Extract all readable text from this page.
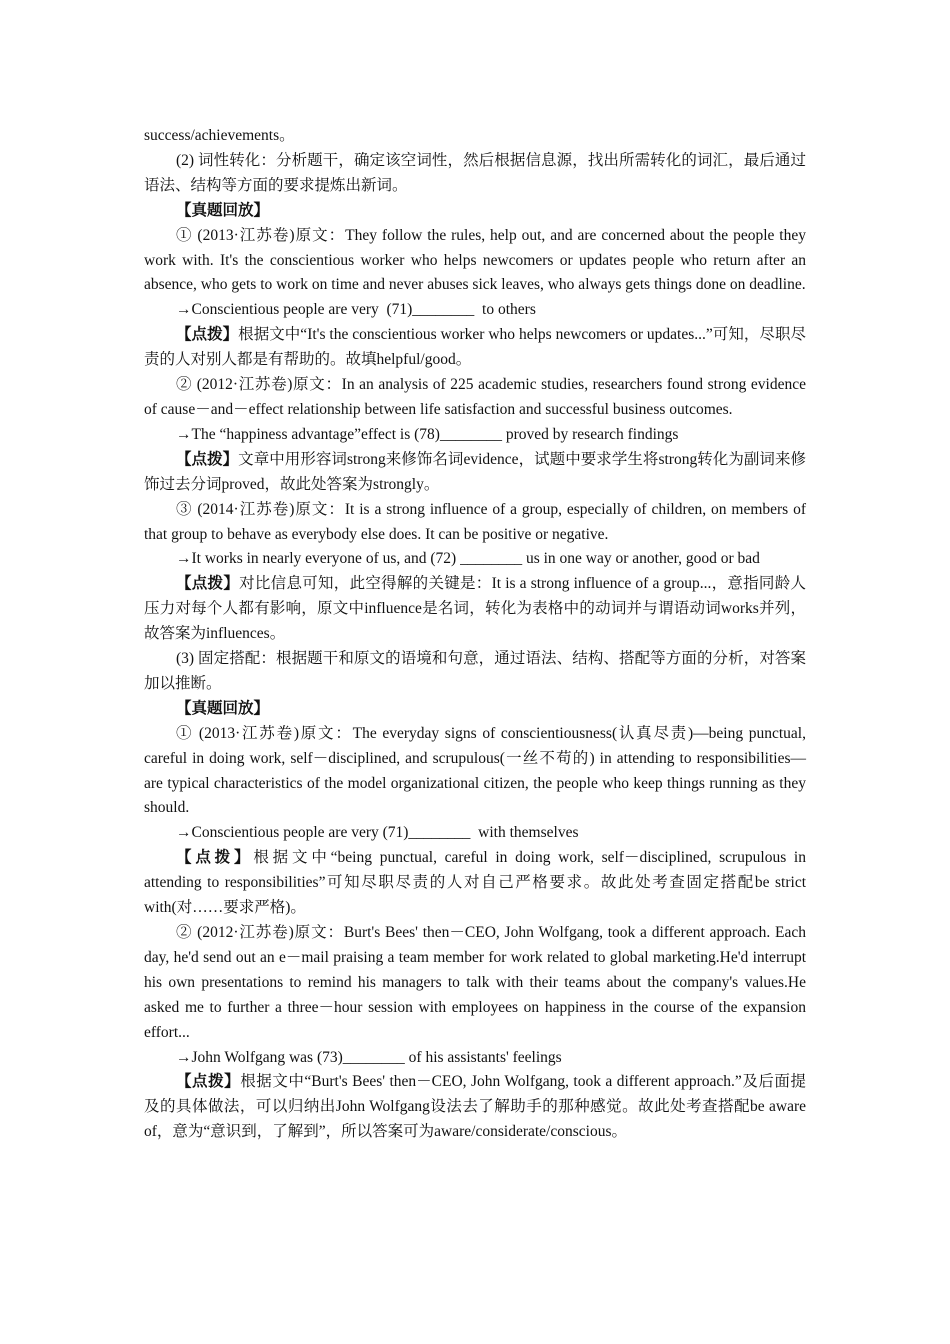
success/achievements。

(2) 词性转化：分析题干，确定该空词性，然后根据信息源，找出所需转化的词汇，最后通过语法、结构等方面的要求提炼出新词。

【真题回放】

① (2013·江苏卷)原文：They follow the rules, help out, and are concerned about the people they work with. It's the conscientious worker who helps newcomers or updates people who return after an absence, who gets to work on time and never abuses sick leaves, who always gets things done on deadline.

→Conscientious people are very  (71)________  to others

【点拨】根据文中“It's the conscientious worker who helps newcomers or updates...”可知，尽职尽责的人对别人都是有帮助的。故填helpful/good。

② (2012·江苏卷)原文：In an analysis of 225 academic studies, researchers found strong evidence of cause－and－effect relationship between life satisfaction and successful business outcomes.

→The “happiness advantage”effect is (78)________ proved by research findings

【点拨】文章中用形容词strong来修饰名词evidence，试题中要求学生将strong转化为副词来修饰过去分词proved，故此处答案为strongly。

③ (2014·江苏卷)原文：It is a strong influence of a group, especially of children, on members of that group to behave as everybody else does. It can be positive or negative.

→It works in nearly everyone of us, and (72) ________ us in one way or another, good or bad

【点拨】对比信息可知，此空得解的关键是：It is a strong influence of a group...，意指同龄人压力对每个人都有影响，原文中influence是名词，转化为表格中的动词并与谓语动词works并列，故答案为influences。

(3) 固定搭配：根据题干和原文的语境和句意，通过语法、结构、搭配等方面的分析，对答案加以推断。

【真题回放】

① (2013·江苏卷)原文：The everyday signs of conscientiousness(认真尽责)—being punctual, careful in doing work, self－disciplined, and scrupulous(一丝不苟的) in attending to responsibilities—are typical characteristics of the model organizational citizen, the people who keep things running as they should.

→Conscientious people are very (71)________  with themselves

【点拨】根据文中“being punctual, careful in doing work, self－disciplined, scrupulous in attending to responsibilities”可知尽职尽责的人对自己严格要求。故此处考查固定搭配be strict with(对……要求严格)。

② (2012·江苏卷)原文：Burt's Bees' then－CEO, John Wolfgang, took a different approach. Each day, he'd send out an e－mail praising a team member for work related to global marketing.He'd interrupt his own presentations to remind his managers to talk with their teams about the company's values.He asked me to further a three－hour session with employees on happiness in the course of the expansion effort...

→John Wolfgang was (73)________ of his assistants' feelings

【点拨】根据文中“Burt's Bees' then－CEO, John Wolfgang, took a different approach.”及后面提及的具体做法，可以归纳出John Wolfgang设法去了解助手的那种感觉。故此处考查搭配be aware of，意为“意识到，了解到”，所以答案可为aware/considerate/conscious。
